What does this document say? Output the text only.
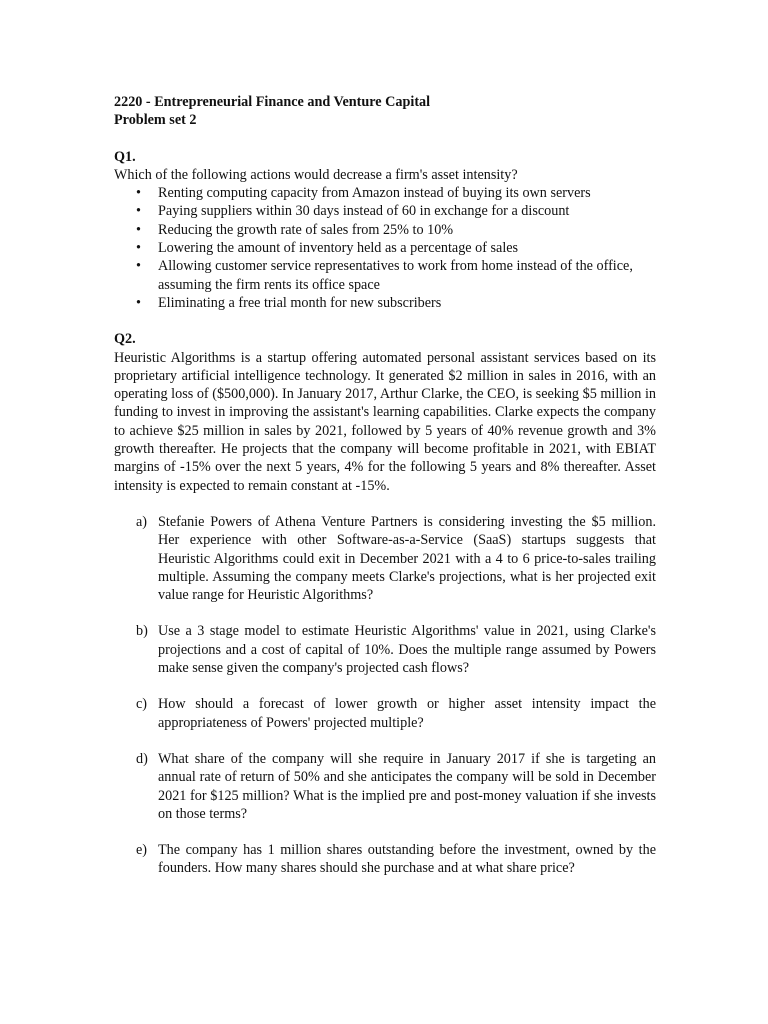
2220 - Entrepreneurial Finance and Venture Capital

Problem set 2

Q1.

Which of the following actions would decrease a firm's asset intensity?

• Renting computing capacity from Amazon instead of buying its own servers
• Paying suppliers within 30 days instead of 60 in exchange for a discount
• Reducing the growth rate of sales from 25% to 10%
• Lowering the amount of inventory held as a percentage of sales
• Allowing customer service representatives to work from home instead of the office, assuming the firm rents its office space
• Eliminating a free trial month for new subscribers

Q2.

Heuristic Algorithms is a startup offering automated personal assistant services based on its proprietary artificial intelligence technology. It generated $2 million in sales in 2016, with an operating loss of ($500,000). In January 2017, Arthur Clarke, the CEO, is seeking $5 million in funding to invest in improving the assistant's learning capabilities. Clarke expects the company to achieve $25 million in sales by 2021, followed by 5 years of 40% revenue growth and 3% growth thereafter. He projects that the company will become profitable in 2021, with EBIAT margins of -15% over the next 5 years, 4% for the following 5 years and 8% thereafter. Asset intensity is expected to remain constant at -15%.

a) Stefanie Powers of Athena Venture Partners is considering investing the $5 million. Her experience with other Software-as-a-Service (SaaS) startups suggests that Heuristic Algorithms could exit in December 2021 with a 4 to 6 price-to-sales trailing multiple. Assuming the company meets Clarke's projections, what is her projected exit value range for Heuristic Algorithms?
b) Use a 3 stage model to estimate Heuristic Algorithms' value in 2021, using Clarke's projections and a cost of capital of 10%. Does the multiple range assumed by Powers make sense given the company's projected cash flows?
c) How should a forecast of lower growth or higher asset intensity impact the appropriateness of Powers' projected multiple?
d) What share of the company will she require in January 2017 if she is targeting an annual rate of return of 50% and she anticipates the company will be sold in December 2021 for $125 million? What is the implied pre and post-money valuation if she invests on those terms?
e) The company has 1 million shares outstanding before the investment, owned by the founders. How many shares should she purchase and at what share price?
